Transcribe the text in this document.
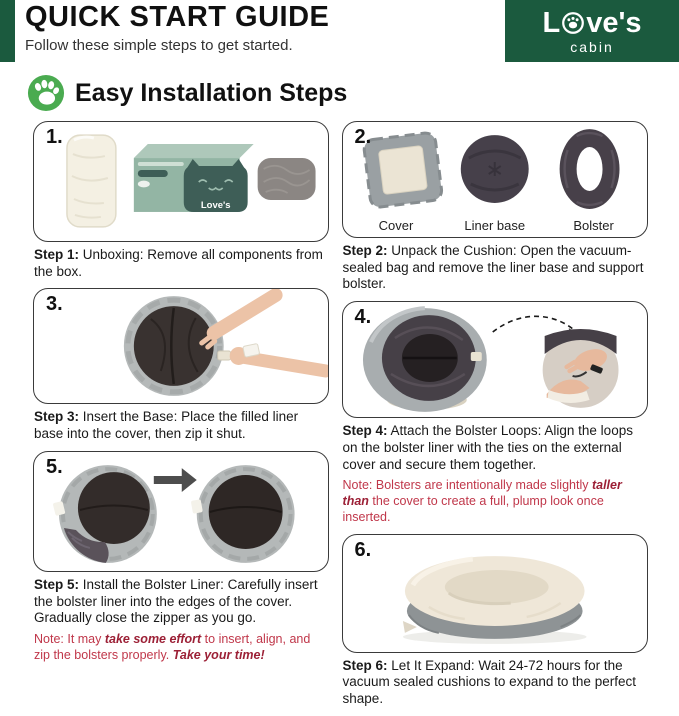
QUICK START GUIDE

Follow these simple steps to get started.

L ve's
cabin
Easy Installation Steps
1.
Love's

Step 1: Unboxing: Remove all components from the box.

3.

Step 3: Insert the Base: Place the filled liner base into the cover, then zip it shut.

5.

Step 5: Install the Bolster Liner: Carefully insert the bolster liner into the edges of the cover. Gradually close the zipper as you go.

Note: It may take some effort to insert, align, and zip the bolsters properly. Take your time!

2.
Cover	Liner base	Bolster

Step 2: Unpack the Cushion: Open the vacuum-sealed bag and remove the liner base and support bolster.

4.

Step 4: Attach the Bolster Loops: Align the loops on the bolster liner with the ties on the external cover and secure them together.

Note: Bolsters are intentionally made slightly taller than the cover to create a full, plump look once inserted.

6.

Step 6: Let It Expand: Wait 24-72 hours for the vacuum sealed cushions to expand to the perfect shape.
